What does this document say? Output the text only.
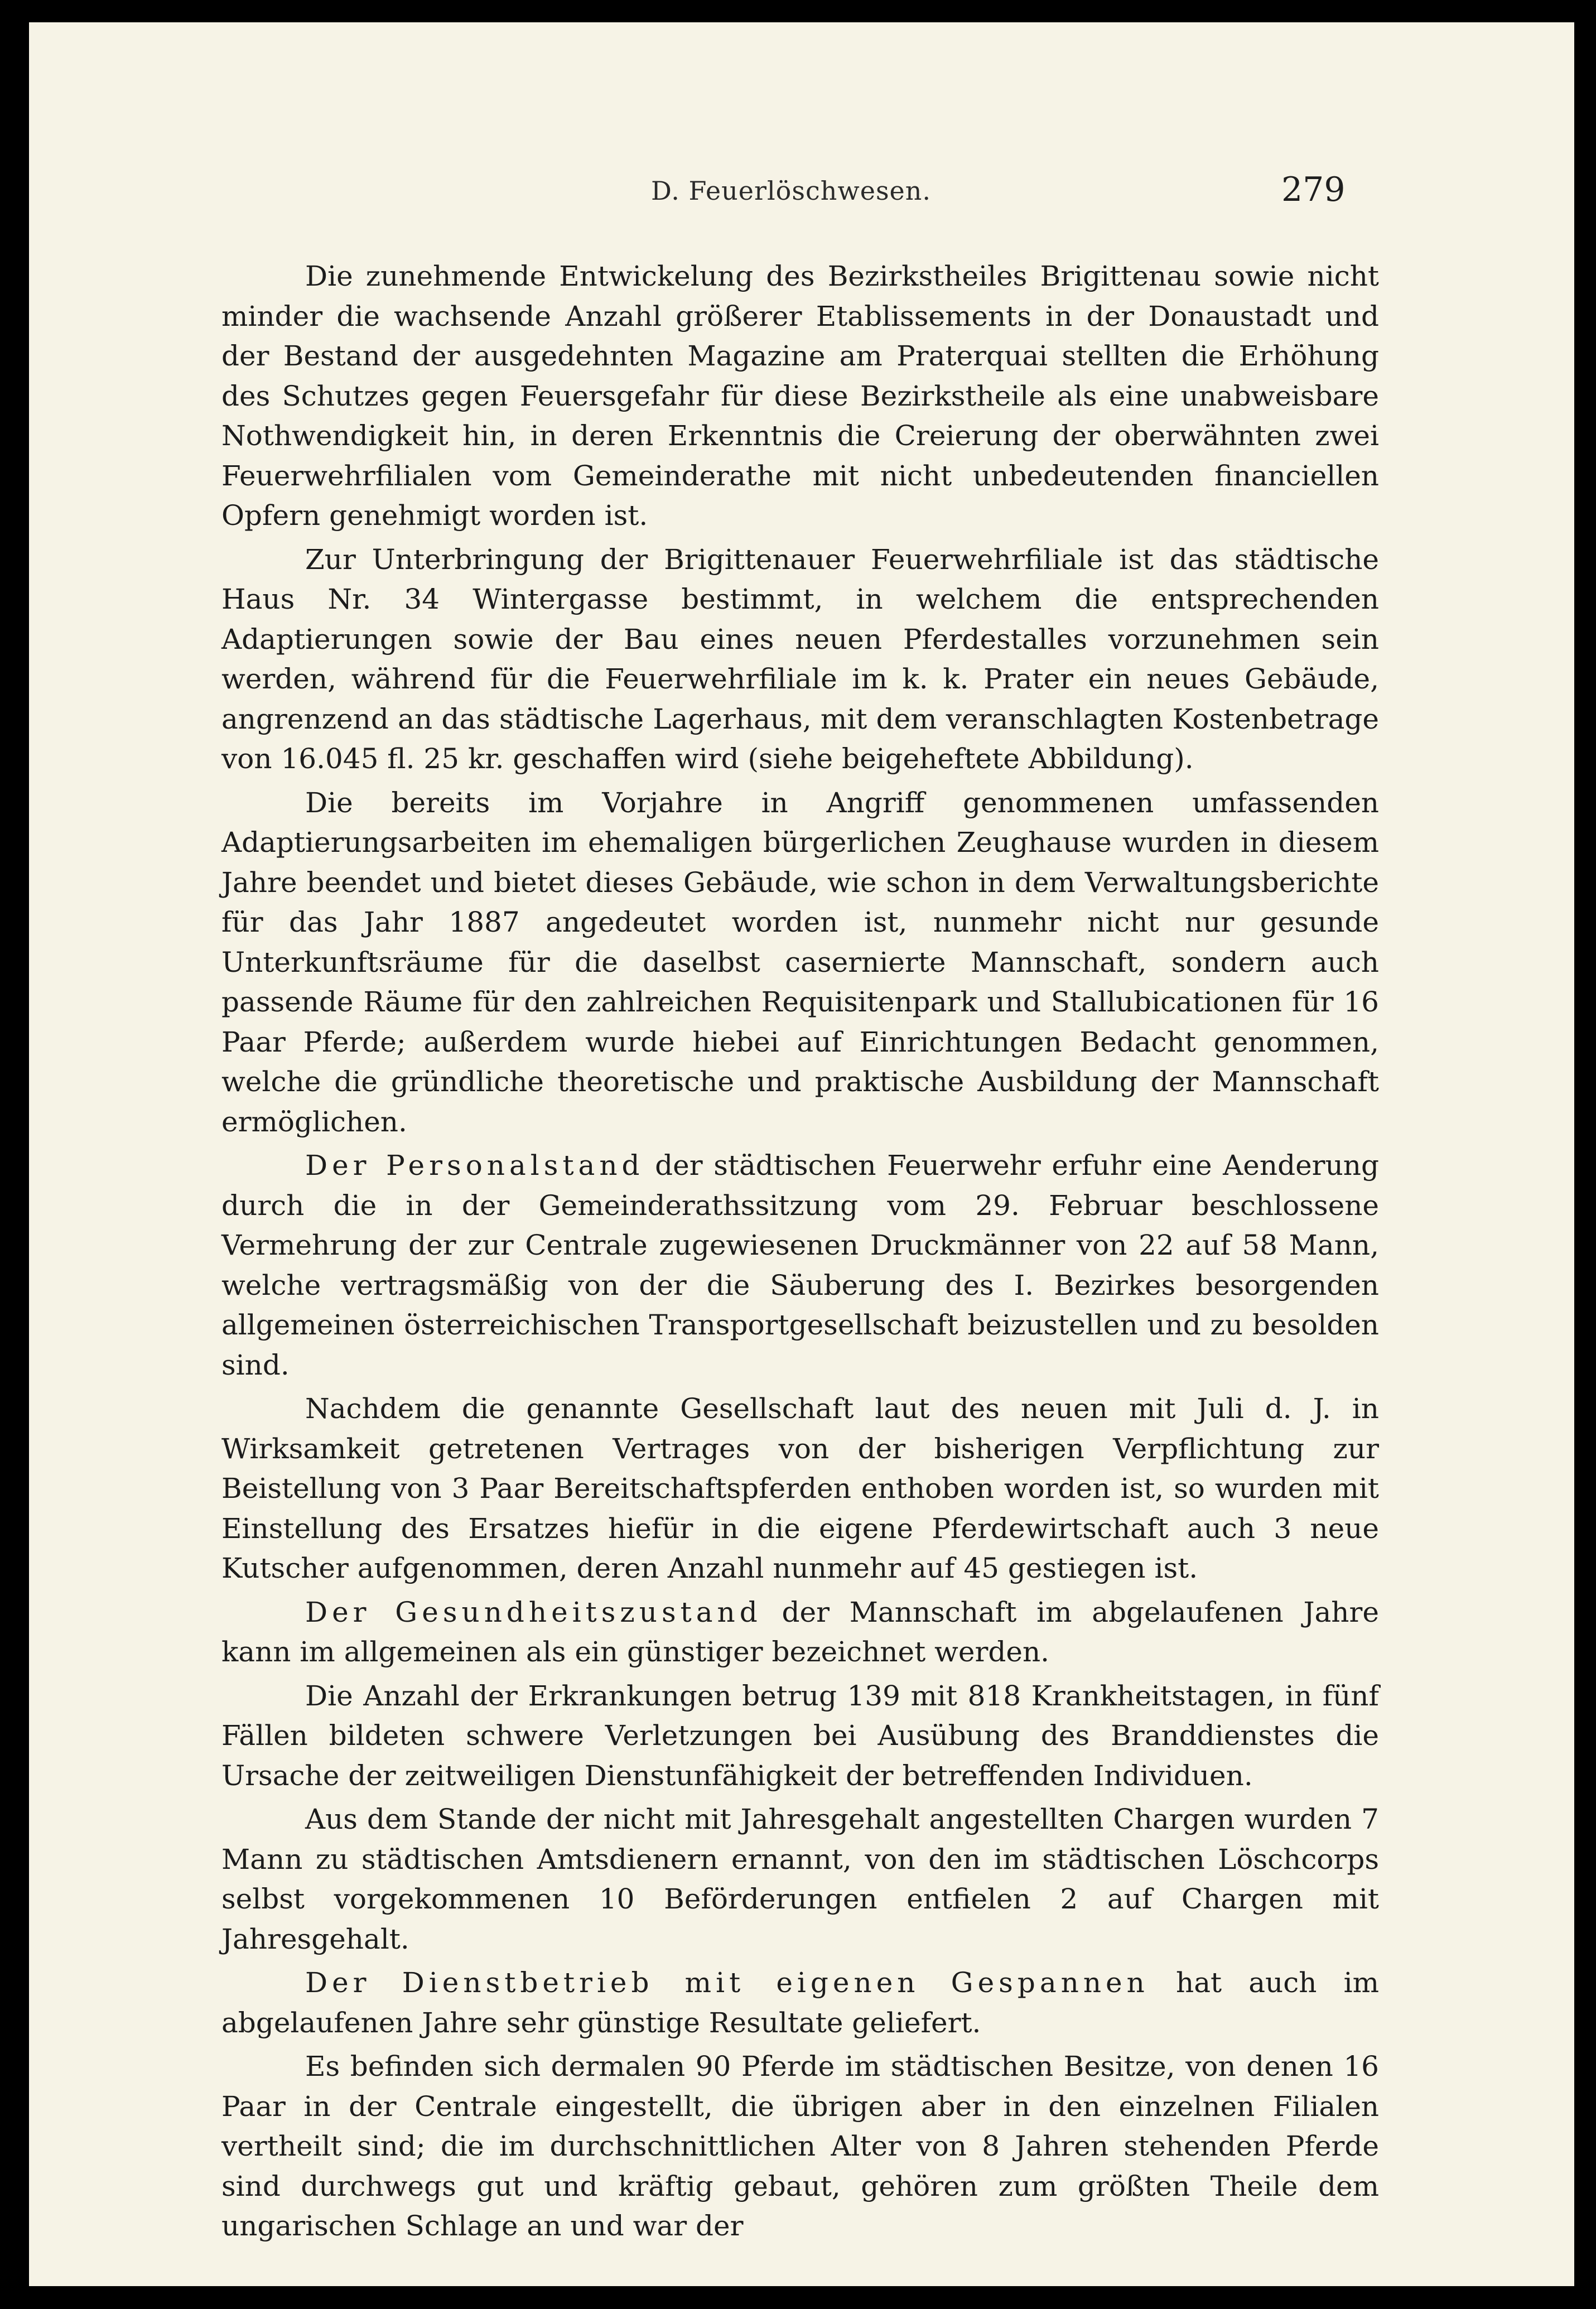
D. Feuerlöschwesen.	279

Die zunehmende Entwickelung des Bezirkstheiles Brigittenau sowie nicht minder die wachsende Anzahl größerer Etablissements in der Donaustadt und der Bestand der ausgedehnten Magazine am Praterquai stellten die Erhöhung des Schutzes gegen Feuersgefahr für diese Bezirkstheile als eine unabweisbare Nothwendigkeit hin, in deren Erkenntnis die Creierung der oberwähnten zwei Feuerwehrfilialen vom Gemeinderathe mit nicht unbedeutenden financiellen Opfern genehmigt worden ist.

Zur Unterbringung der Brigittenauer Feuerwehrfiliale ist das städtische Haus Nr. 34 Wintergasse bestimmt, in welchem die entsprechenden Adaptierungen sowie der Bau eines neuen Pferdestalles vorzunehmen sein werden, während für die Feuerwehrfiliale im k. k. Prater ein neues Gebäude, angrenzend an das städtische Lagerhaus, mit dem veranschlagten Kostenbetrage von 16.045 fl. 25 kr. geschaffen wird (siehe beigeheftete Abbildung).

Die bereits im Vorjahre in Angriff genommenen umfassenden Adaptierungsarbeiten im ehemaligen bürgerlichen Zeughause wurden in diesem Jahre beendet und bietet dieses Gebäude, wie schon in dem Verwaltungsberichte für das Jahr 1887 angedeutet worden ist, nunmehr nicht nur gesunde Unterkunftsräume für die daselbst casernierte Mannschaft, sondern auch passende Räume für den zahlreichen Requisitenpark und Stallubicationen für 16 Paar Pferde; außerdem wurde hiebei auf Einrichtungen Bedacht genommen, welche die gründliche theoretische und praktische Ausbildung der Mannschaft ermöglichen.

Der Personalstand der städtischen Feuerwehr erfuhr eine Aenderung durch die in der Gemeinderathssitzung vom 29. Februar beschlossene Vermehrung der zur Centrale zugewiesenen Druckmänner von 22 auf 58 Mann, welche vertragsmäßig von der die Säuberung des I. Bezirkes besorgenden allgemeinen österreichischen Transportgesellschaft beizustellen und zu besolden sind.

Nachdem die genannte Gesellschaft laut des neuen mit Juli d. J. in Wirksamkeit getretenen Vertrages von der bisherigen Verpflichtung zur Beistellung von 3 Paar Bereitschaftspferden enthoben worden ist, so wurden mit Einstellung des Ersatzes hiefür in die eigene Pferdewirtschaft auch 3 neue Kutscher aufgenommen, deren Anzahl nunmehr auf 45 gestiegen ist.

Der Gesundheitszustand der Mannschaft im abgelaufenen Jahre kann im allgemeinen als ein günstiger bezeichnet werden.

Die Anzahl der Erkrankungen betrug 139 mit 818 Krankheitstagen, in fünf Fällen bildeten schwere Verletzungen bei Ausübung des Branddienstes die Ursache der zeitweiligen Dienstunfähigkeit der betreffenden Individuen.

Aus dem Stande der nicht mit Jahresgehalt angestellten Chargen wurden 7 Mann zu städtischen Amtsdienern ernannt, von den im städtischen Löschcorps selbst vorgekommenen 10 Beförderungen entfielen 2 auf Chargen mit Jahresgehalt.

Der Dienstbetrieb mit eigenen Gespannen hat auch im abgelaufenen Jahre sehr günstige Resultate geliefert.

Es befinden sich dermalen 90 Pferde im städtischen Besitze, von denen 16 Paar in der Centrale eingestellt, die übrigen aber in den einzelnen Filialen vertheilt sind; die im durchschnittlichen Alter von 8 Jahren stehenden Pferde sind durchwegs gut und kräftig gebaut, gehören zum größten Theile dem ungarischen Schlage an und war der
